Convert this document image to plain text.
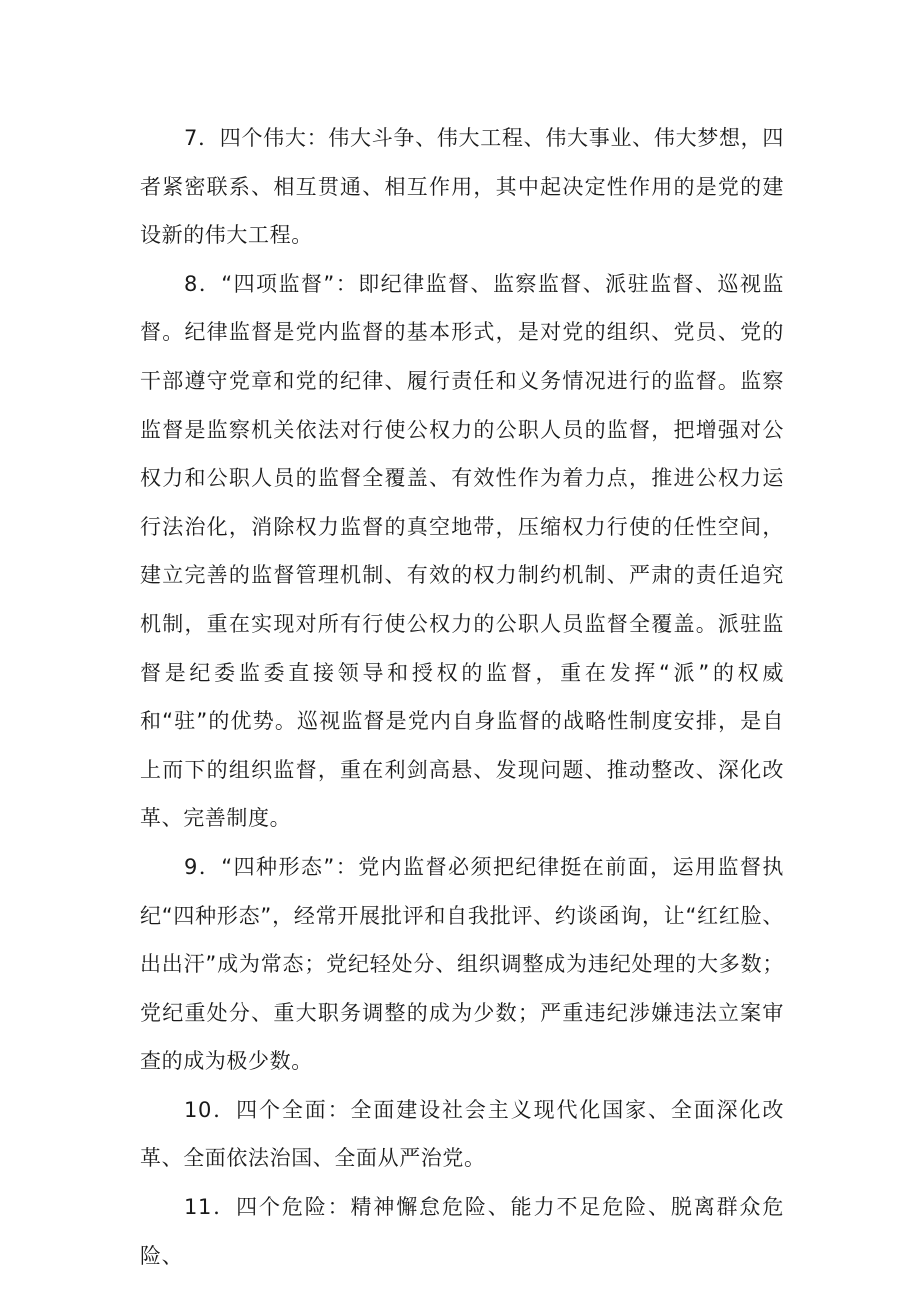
7．四个伟大：伟大斗争、伟大工程、伟大事业、伟大梦想，四者紧密联系、相互贯通、相互作用，其中起决定性作用的是党的建设新的伟大工程。

8．“四项监督”：即纪律监督、监察监督、派驻监督、巡视监督。纪律监督是党内监督的基本形式，是对党的组织、党员、党的干部遵守党章和党的纪律、履行责任和义务情况进行的监督。监察监督是监察机关依法对行使公权力的公职人员的监督，把增强对公权力和公职人员的监督全覆盖、有效性作为着力点，推进公权力运行法治化，消除权力监督的真空地带，压缩权力行使的任性空间，建立完善的监督管理机制、有效的权力制约机制、严肃的责任追究机制，重在实现对所有行使公权力的公职人员监督全覆盖。派驻监督是纪委监委直接领导和授权的监督，重在发挥“派”的权威和“驻”的优势。巡视监督是党内自身监督的战略性制度安排，是自上而下的组织监督，重在利剑高悬、发现问题、推动整改、深化改革、完善制度。

9．“四种形态”：党内监督必须把纪律挺在前面，运用监督执纪“四种形态”，经常开展批评和自我批评、约谈函询，让“红红脸、出出汗”成为常态；党纪轻处分、组织调整成为违纪处理的大多数；党纪重处分、重大职务调整的成为少数；严重违纪涉嫌违法立案审查的成为极少数。

10．四个全面：全面建设社会主义现代化国家、全面深化改革、全面依法治国、全面从严治党。

11．四个危险：精神懈怠危险、能力不足危险、脱离群众危险、
